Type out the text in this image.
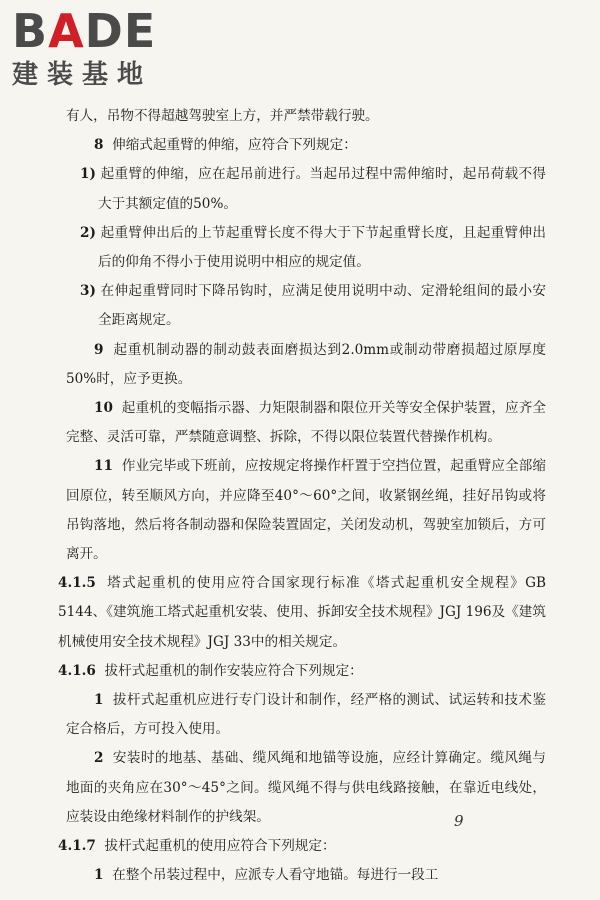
BADE
建装基地

有人，吊物不得超越驾驶室上方，并严禁带载行驶。

8 伸缩式起重臂的伸缩，应符合下列规定：

1) 起重臂的伸缩，应在起吊前进行。当起吊过程中需伸缩时，起吊荷载不得大于其额定值的50%。

2) 起重臂伸出后的上节起重臂长度不得大于下节起重臂长度，且起重臂伸出后的仰角不得小于使用说明中相应的规定值。

3) 在伸起重臂同时下降吊钩时，应满足使用说明中动、定滑轮组间的最小安全距离规定。

9 起重机制动器的制动鼓表面磨损达到2.0mm或制动带磨损超过原厚度50%时，应予更换。

10 起重机的变幅指示器、力矩限制器和限位开关等安全保护装置，应齐全完整、灵活可靠，严禁随意调整、拆除，不得以限位装置代替操作机构。

11 作业完毕或下班前，应按规定将操作杆置于空挡位置，起重臂应全部缩回原位，转至顺风方向，并应降至40°～60°之间，收紧钢丝绳，挂好吊钩或将吊钩落地，然后将各制动器和保险装置固定，关闭发动机，驾驶室加锁后，方可离开。

4.1.5 塔式起重机的使用应符合国家现行标准《塔式起重机安全规程》GB 5144、《建筑施工塔式起重机安装、使用、拆卸安全技术规程》JGJ 196及《建筑机械使用安全技术规程》JGJ 33中的相关规定。

4.1.6 拔杆式起重机的制作安装应符合下列规定：

1 拔杆式起重机应进行专门设计和制作，经严格的测试、试运转和技术鉴定合格后，方可投入使用。

2 安装时的地基、基础、缆风绳和地锚等设施，应经计算确定。缆风绳与地面的夹角应在30°～45°之间。缆风绳不得与供电线路接触，在靠近电线处，应装设由绝缘材料制作的护线架。

4.1.7 拔杆式起重机的使用应符合下列规定：

1 在整个吊装过程中，应派专人看守地锚。每进行一段工

9
